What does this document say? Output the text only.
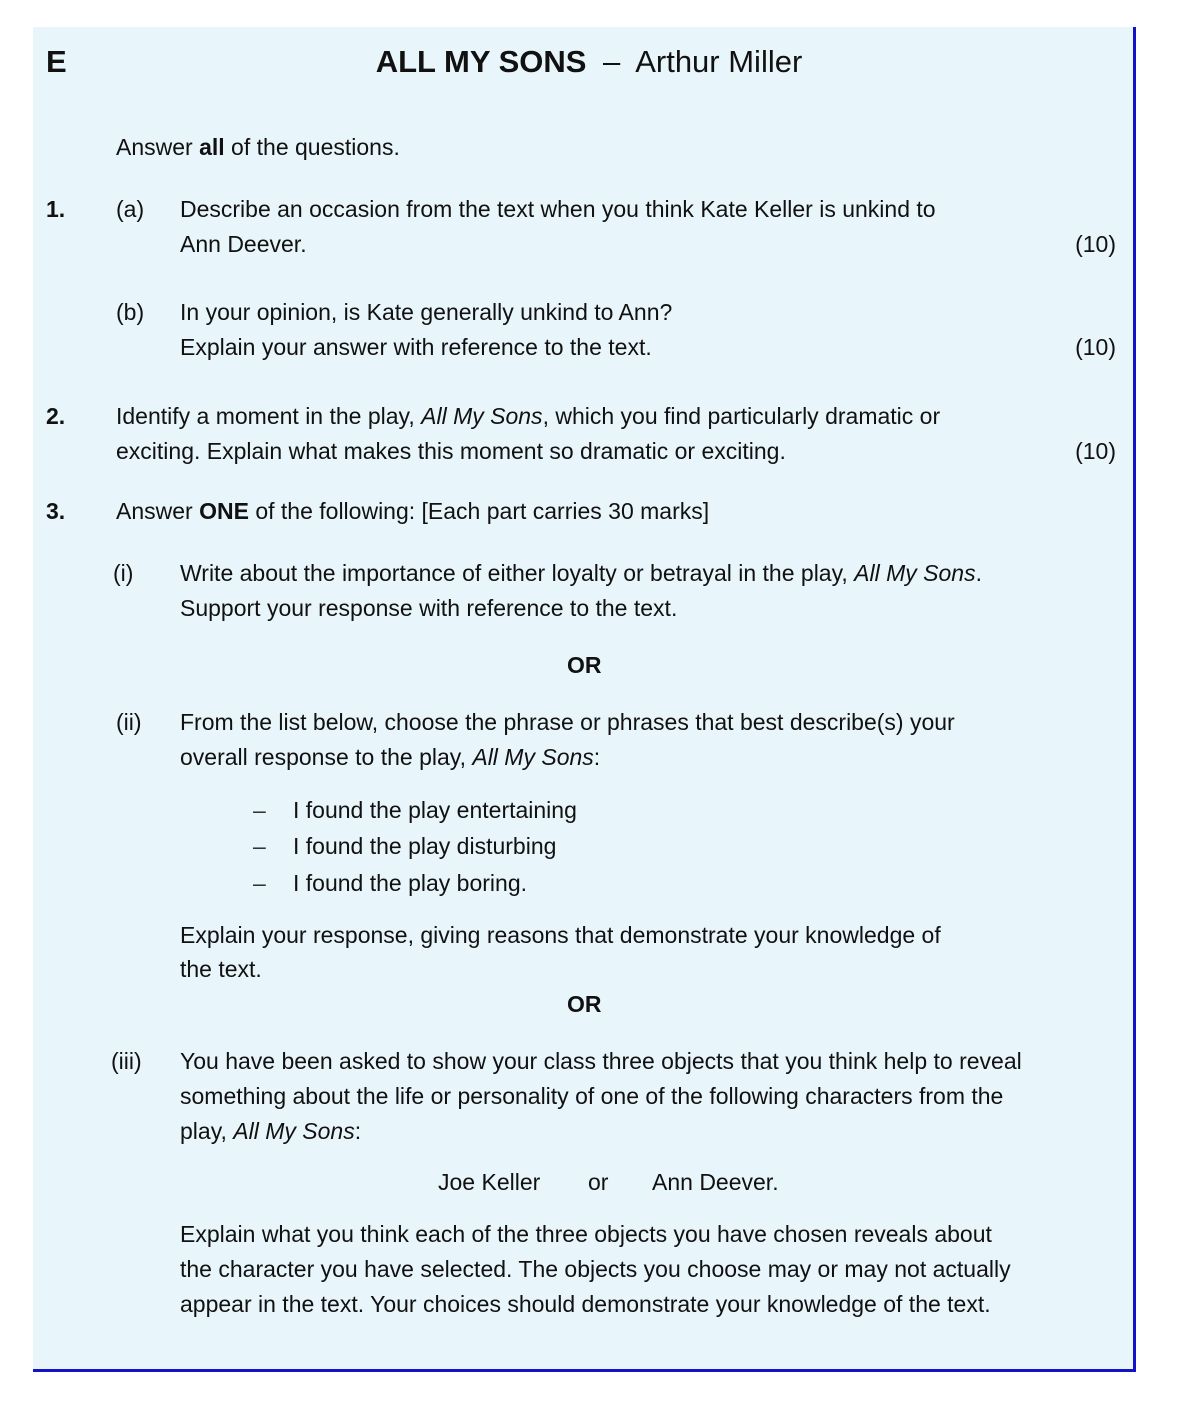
E	ALL MY SONS – Arthur Miller
Answer all of the questions.
1. (a) Describe an occasion from the text when you think Kate Keller is unkind to
Ann Deever.	(10)
(b) In your opinion, is Kate generally unkind to Ann?
Explain your answer with reference to the text.	(10)
2. Identify a moment in the play, All My Sons, which you find particularly dramatic or
exciting. Explain what makes this moment so dramatic or exciting.	(10)
3. Answer ONE of the following: [Each part carries 30 marks]
(i) Write about the importance of either loyalty or betrayal in the play, All My Sons.
Support your response with reference to the text.
OR
(ii) From the list below, choose the phrase or phrases that best describe(s) your
overall response to the play, All My Sons:
– I found the play entertaining
– I found the play disturbing
– I found the play boring.
Explain your response, giving reasons that demonstrate your knowledge of
the text.
OR
(iii) You have been asked to show your class three objects that you think help to reveal
something about the life or personality of one of the following characters from the
play, All My Sons:
Joe Keller or Ann Deever.
Explain what you think each of the three objects you have chosen reveals about
the character you have selected. The objects you choose may or may not actually
appear in the text. Your choices should demonstrate your knowledge of the text.
